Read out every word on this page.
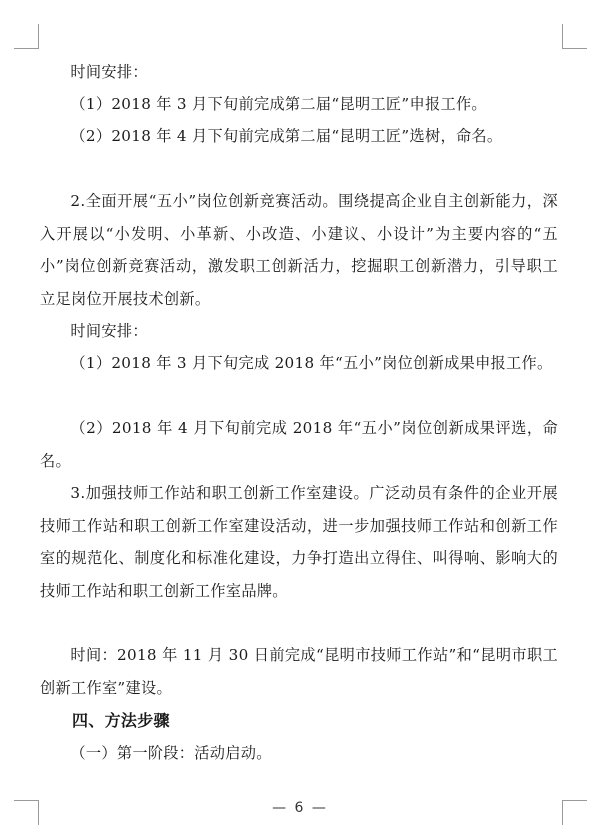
时间安排：

（1）2018 年 3 月下旬前完成第二届“昆明工匠”申报工作。

（2）2018 年 4 月下旬前完成第二届“昆明工匠”选树，命名。

2.全面开展“五小”岗位创新竞赛活动。围绕提高企业自主创新能力，深入开展以“小发明、小革新、小改造、小建议、小设计”为主要内容的“五小”岗位创新竞赛活动，激发职工创新活力，挖掘职工创新潜力，引导职工立足岗位开展技术创新。

时间安排：

（1）2018 年 3 月下旬完成 2018 年“五小”岗位创新成果申报工作。

（2）2018 年 4 月下旬前完成 2018 年“五小”岗位创新成果评选，命名。

3.加强技师工作站和职工创新工作室建设。广泛动员有条件的企业开展技师工作站和职工创新工作室建设活动，进一步加强技师工作站和创新工作室的规范化、制度化和标准化建设，力争打造出立得住、叫得响、影响大的技师工作站和职工创新工作室品牌。

时间：2018 年 11 月 30 日前完成“昆明市技师工作站”和“昆明市职工创新工作室”建设。

四、方法步骤

（一）第一阶段：活动启动。

— 6 —
